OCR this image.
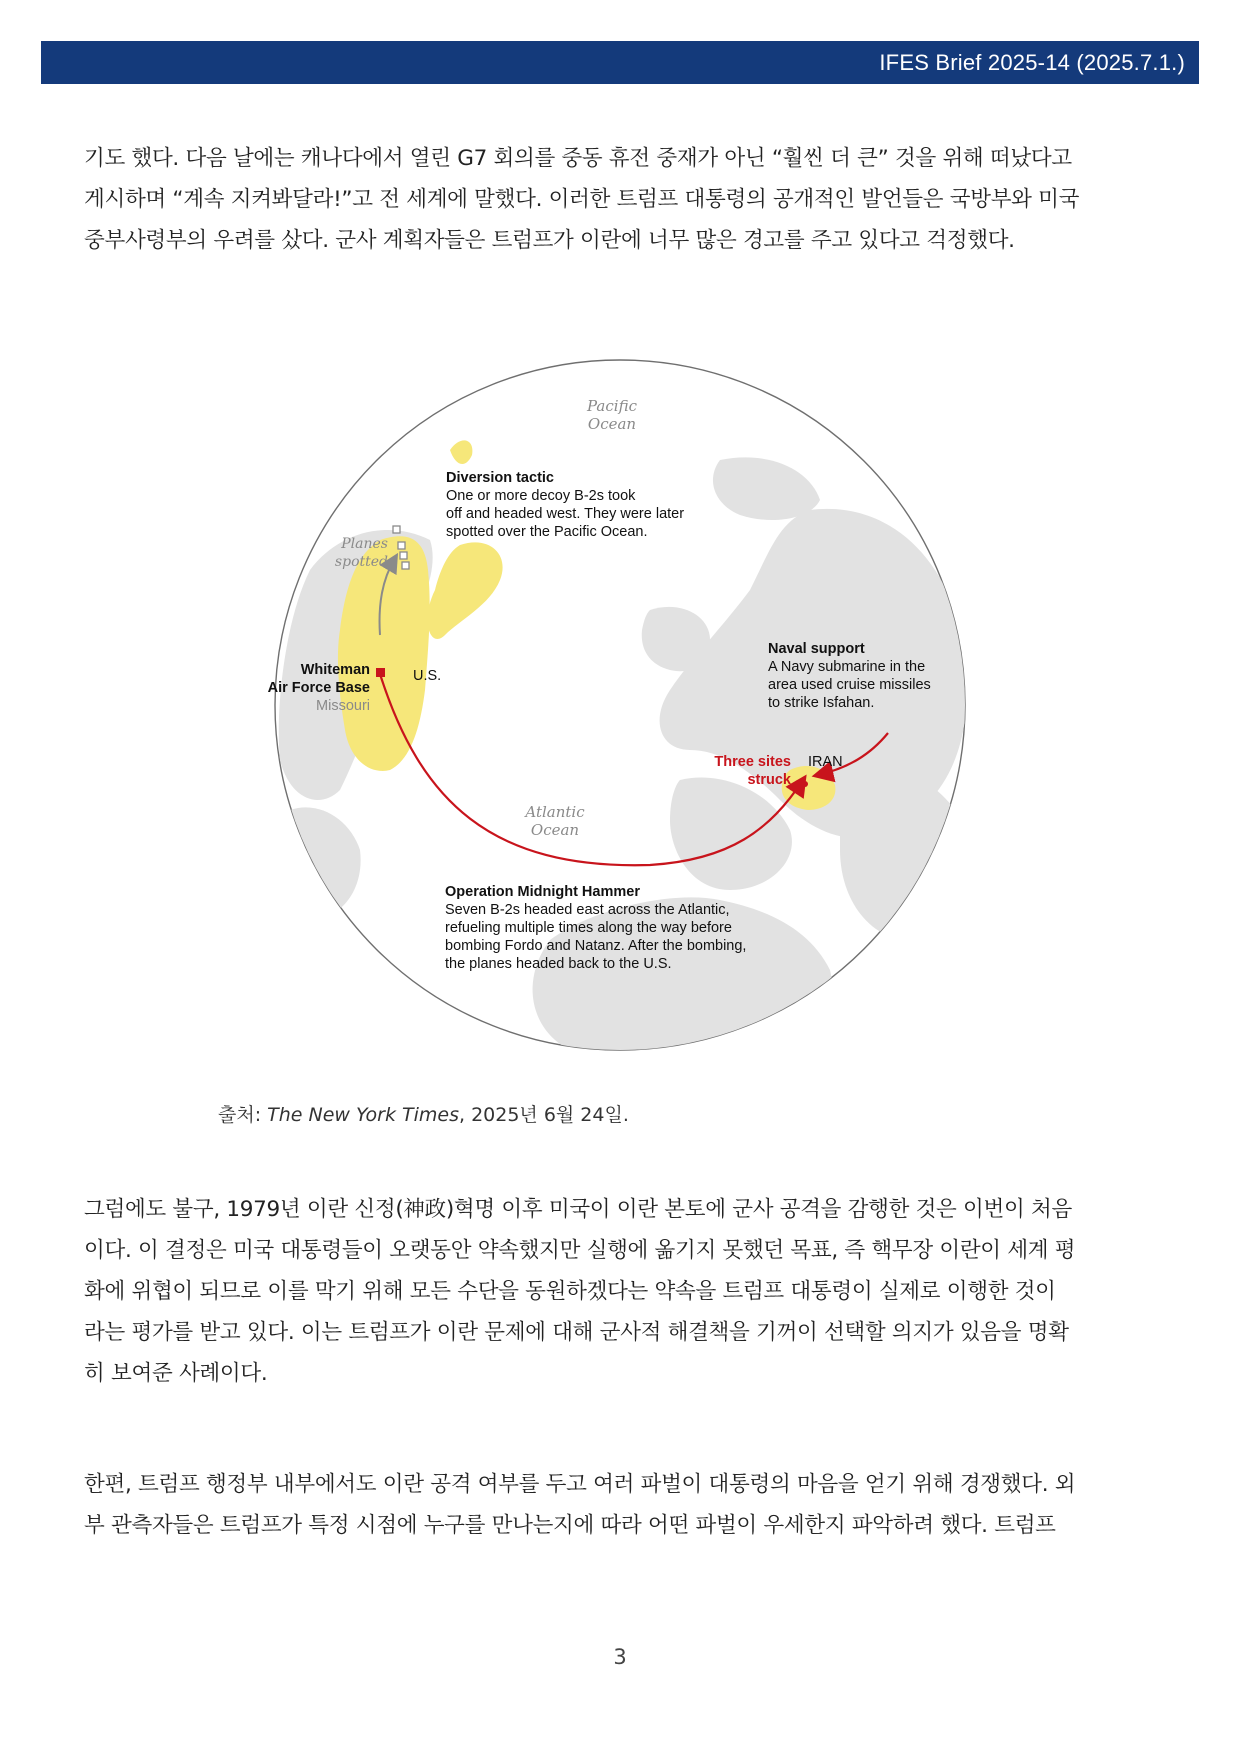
IFES Brief 2025-14 (2025.7.1.)

기도 했다. 다음 날에는 캐나다에서 열린 G7 회의를 중동 휴전 중재가 아닌 “훨씬 더 큰” 것을 위해 떠났다고
게시하며 “계속 지켜봐달라!”고 전 세계에 말했다. 이러한 트럼프 대통령의 공개적인 발언들은 국방부와 미국
중부사령부의 우려를 샀다. 군사 계획자들은 트럼프가 이란에 너무 많은 경고를 주고 있다고 걱정했다.

Pacific
Ocean
Atlantic
Ocean
Diversion tactic
One or more decoy B-2s took
off and headed west. They were later
spotted over the Pacific Ocean.
Planes
spotted
U.S.
Whiteman
Air Force Base
Missouri
Naval support
A Navy submarine in the
area used cruise missiles
to strike Isfahan.
Three sites
struck
IRAN
Operation Midnight Hammer
Seven B-2s headed east across the Atlantic,
refueling multiple times along the way before
bombing Fordo and Natanz. After the bombing,
the planes headed back to the U.S.
출처: The New York Times, 2025년 6월 24일.

그럼에도 불구, 1979년 이란 신정(神政)혁명 이후 미국이 이란 본토에 군사 공격을 감행한 것은 이번이 처음
이다. 이 결정은 미국 대통령들이 오랫동안 약속했지만 실행에 옮기지 못했던 목표, 즉 핵무장 이란이 세계 평
화에 위협이 되므로 이를 막기 위해 모든 수단을 동원하겠다는 약속을 트럼프 대통령이 실제로 이행한 것이
라는 평가를 받고 있다. 이는 트럼프가 이란 문제에 대해 군사적 해결책을 기꺼이 선택할 의지가 있음을 명확
히 보여준 사례이다.

한편, 트럼프 행정부 내부에서도 이란 공격 여부를 두고 여러 파벌이 대통령의 마음을 얻기 위해 경쟁했다. 외
부 관측자들은 트럼프가 특정 시점에 누구를 만나는지에 따라 어떤 파벌이 우세한지 파악하려 했다. 트럼프

3
